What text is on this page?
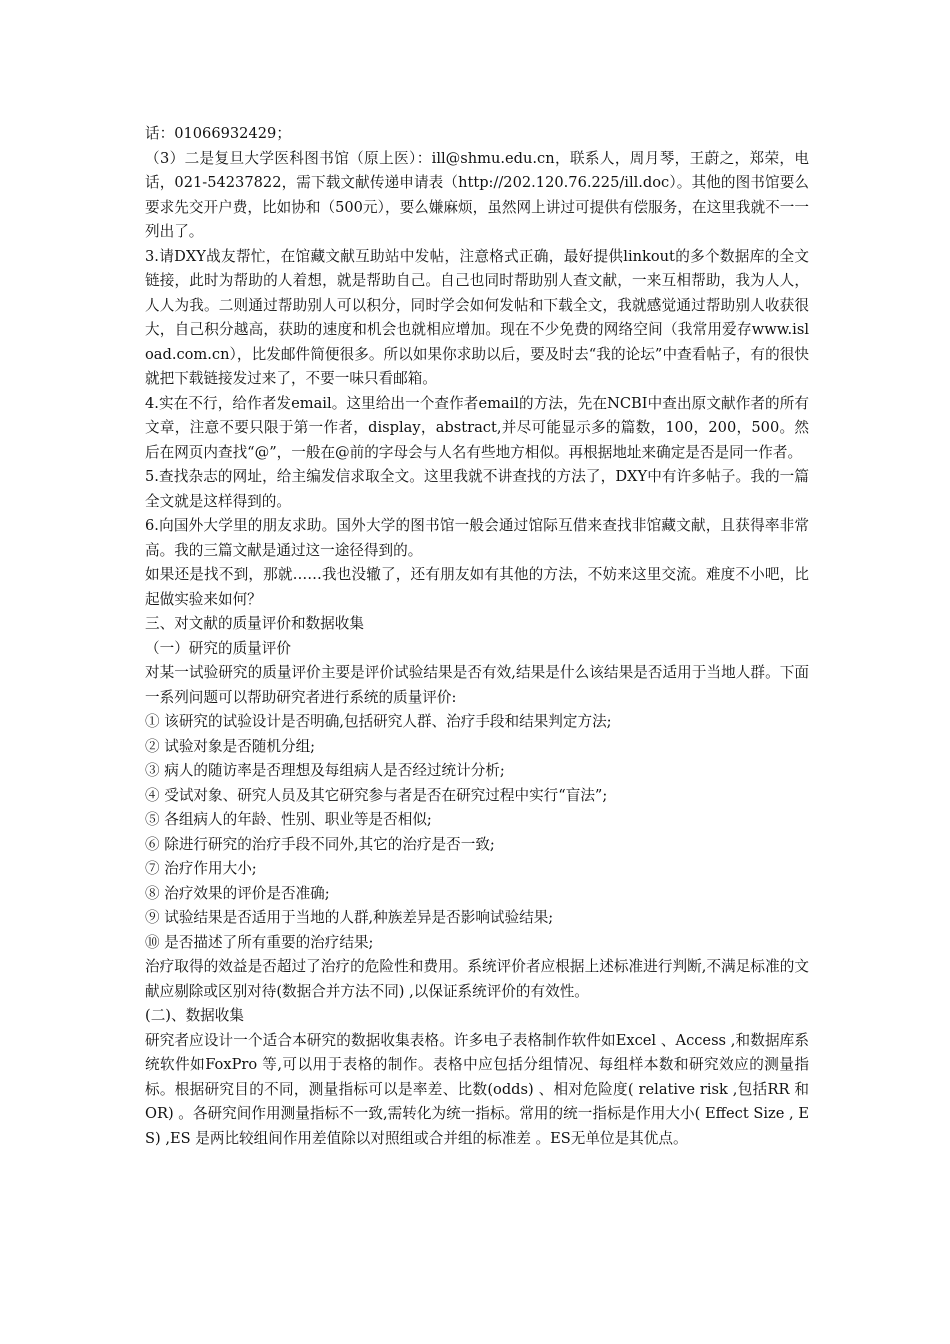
话：01066932429；

（3）二是复旦大学医科图书馆（原上医）：ill@shmu.edu.cn，联系人，周月琴，王蔚之，郑荣，电话，021-54237822，需下载文献传递申请表（http://202.120.76.225/ill.doc）。其他的图书馆要么要求先交开户费，比如协和（500元），要么嫌麻烦，虽然网上讲过可提供有偿服务，在这里我就不一一列出了。

3.请DXY战友帮忙，在馆藏文献互助站中发帖，注意格式正确，最好提供linkout的多个数据库的全文链接，此时为帮助的人着想，就是帮助自己。自己也同时帮助别人查文献，一来互相帮助，我为人人，人人为我。二则通过帮助别人可以积分，同时学会如何发帖和下载全文，我就感觉通过帮助别人收获很大，自己积分越高，获助的速度和机会也就相应增加。现在不少免费的网络空间（我常用爱存www.isload.com.cn），比发邮件简便很多。所以如果你求助以后，要及时去“我的论坛”中查看帖子，有的很快就把下载链接发过来了，不要一味只看邮箱。

4.实在不行，给作者发email。这里给出一个查作者email的方法，先在NCBI中查出原文献作者的所有文章，注意不要只限于第一作者，display，abstract,并尽可能显示多的篇数，100，200，500。然后在网页内查找“@”，一般在@前的字母会与人名有些地方相似。再根据地址来确定是否是同一作者。

5.查找杂志的网址，给主编发信求取全文。这里我就不讲查找的方法了，DXY中有许多帖子。我的一篇全文就是这样得到的。

6.向国外大学里的朋友求助。国外大学的图书馆一般会通过馆际互借来查找非馆藏文献，且获得率非常高。我的三篇文献是通过这一途径得到的。

如果还是找不到，那就……我也没辙了，还有朋友如有其他的方法，不妨来这里交流。难度不小吧，比起做实验来如何？

三、对文献的质量评价和数据收集

（一）研究的质量评价

对某一试验研究的质量评价主要是评价试验结果是否有效,结果是什么该结果是否适用于当地人群。下面一系列问题可以帮助研究者进行系统的质量评价:

① 该研究的试验设计是否明确,包括研究人群、治疗手段和结果判定方法;

② 试验对象是否随机分组;

③ 病人的随访率是否理想及每组病人是否经过统计分析;

④ 受试对象、研究人员及其它研究参与者是否在研究过程中实行“盲法”;

⑤ 各组病人的年龄、性别、职业等是否相似;

⑥ 除进行研究的治疗手段不同外,其它的治疗是否一致;

⑦ 治疗作用大小;

⑧ 治疗效果的评价是否准确;

⑨ 试验结果是否适用于当地的人群,种族差异是否影响试验结果;

⑩ 是否描述了所有重要的治疗结果;

治疗取得的效益是否超过了治疗的危险性和费用。系统评价者应根据上述标准进行判断,不满足标准的文献应剔除或区别对待(数据合并方法不同) ,以保证系统评价的有效性。

(二)、数据收集

研究者应设计一个适合本研究的数据收集表格。许多电子表格制作软件如Excel 、Access ,和数据库系统软件如FoxPro 等,可以用于表格的制作。表格中应包括分组情况、每组样本数和研究效应的测量指标。根据研究目的不同，测量指标可以是率差、比数(odds) 、相对危险度( relative risk ,包括RR 和OR) 。各研究间作用测量指标不一致,需转化为统一指标。常用的统一指标是作用大小( Effect Size , ES) ,ES 是两比较组间作用差值除以对照组或合并组的标准差 。ES无单位是其优点。
